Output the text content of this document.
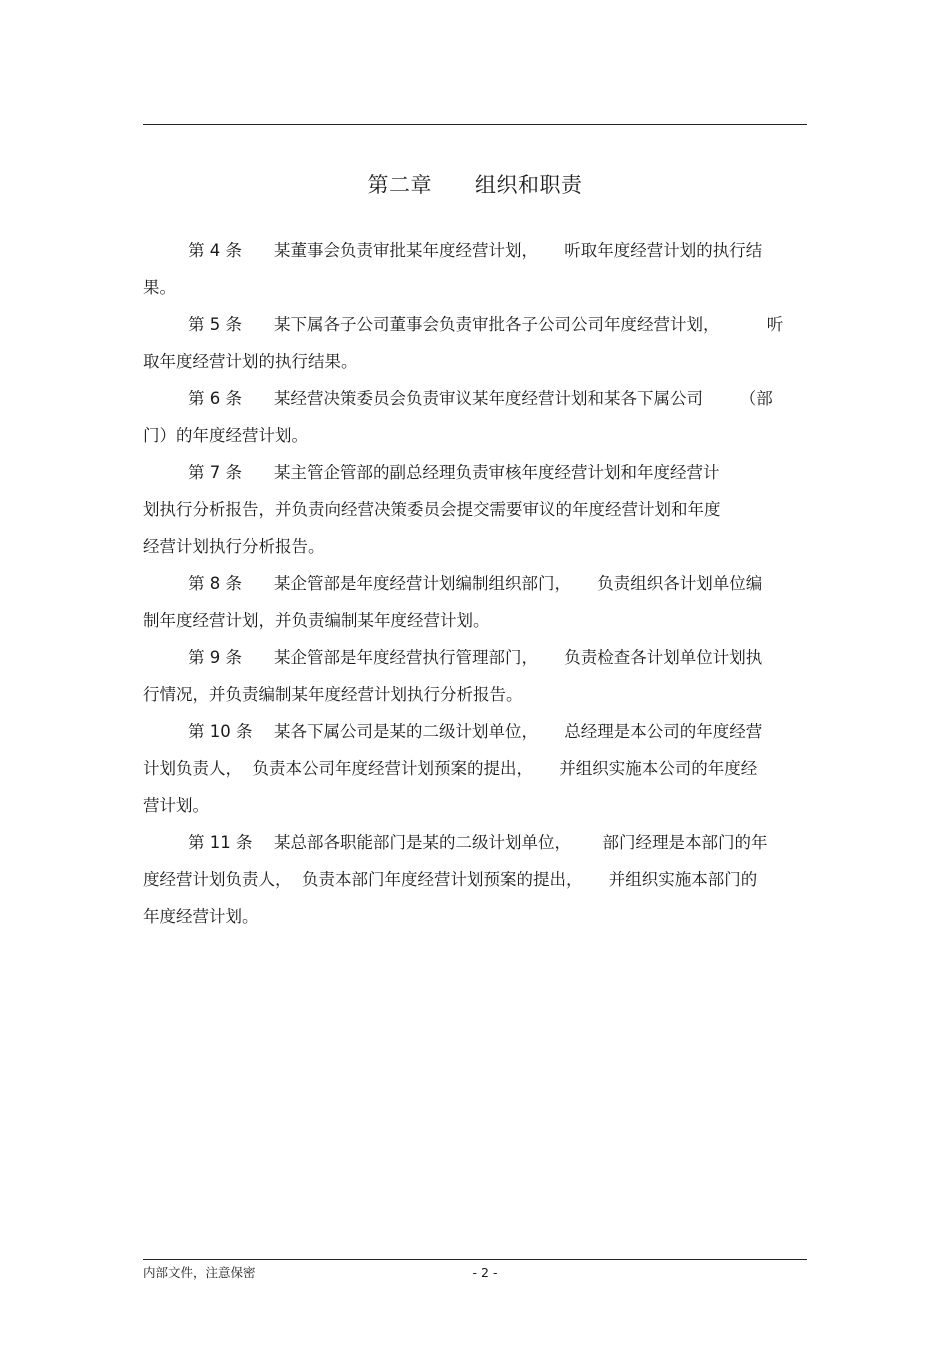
第二章      组织和职责
第 4 条 某董事会负责审批某年度经营计划，     听取年度经营计划的执行结
果。
第 5 条 某下属各子公司董事会负责审批各子公司公司年度经营计划，         听
取年度经营计划的执行结果。
第 6 条 某经营决策委员会负责审议某年度经营计划和某各下属公司       （部
门）的年度经营计划。
第 7 条 某主管企管部的副总经理负责审核年度经营计划和年度经营计
划执行分析报告，并负责向经营决策委员会提交需要审议的年度经营计划和年度
经营计划执行分析报告。
第 8 条 某企管部是年度经营计划编制组织部门，     负责组织各计划单位编
制年度经营计划，并负责编制某年度经营计划。
第 9 条 某企管部是年度经营执行管理部门，     负责检查各计划单位计划执
行情况，并负责编制某年度经营计划执行分析报告。
第 10 条 某各下属公司是某的二级计划单位，     总经理是本公司的年度经营
计划负责人，  负责本公司年度经营计划预案的提出，     并组织实施本公司的年度经
营计划。
第 11 条 某总部各职能部门是某的二级计划单位，      部门经理是本部门的年
度经营计划负责人，  负责本部门年度经营计划预案的提出，     并组织实施本部门的
年度经营计划。
内部文件，注意保密	- 2 -
